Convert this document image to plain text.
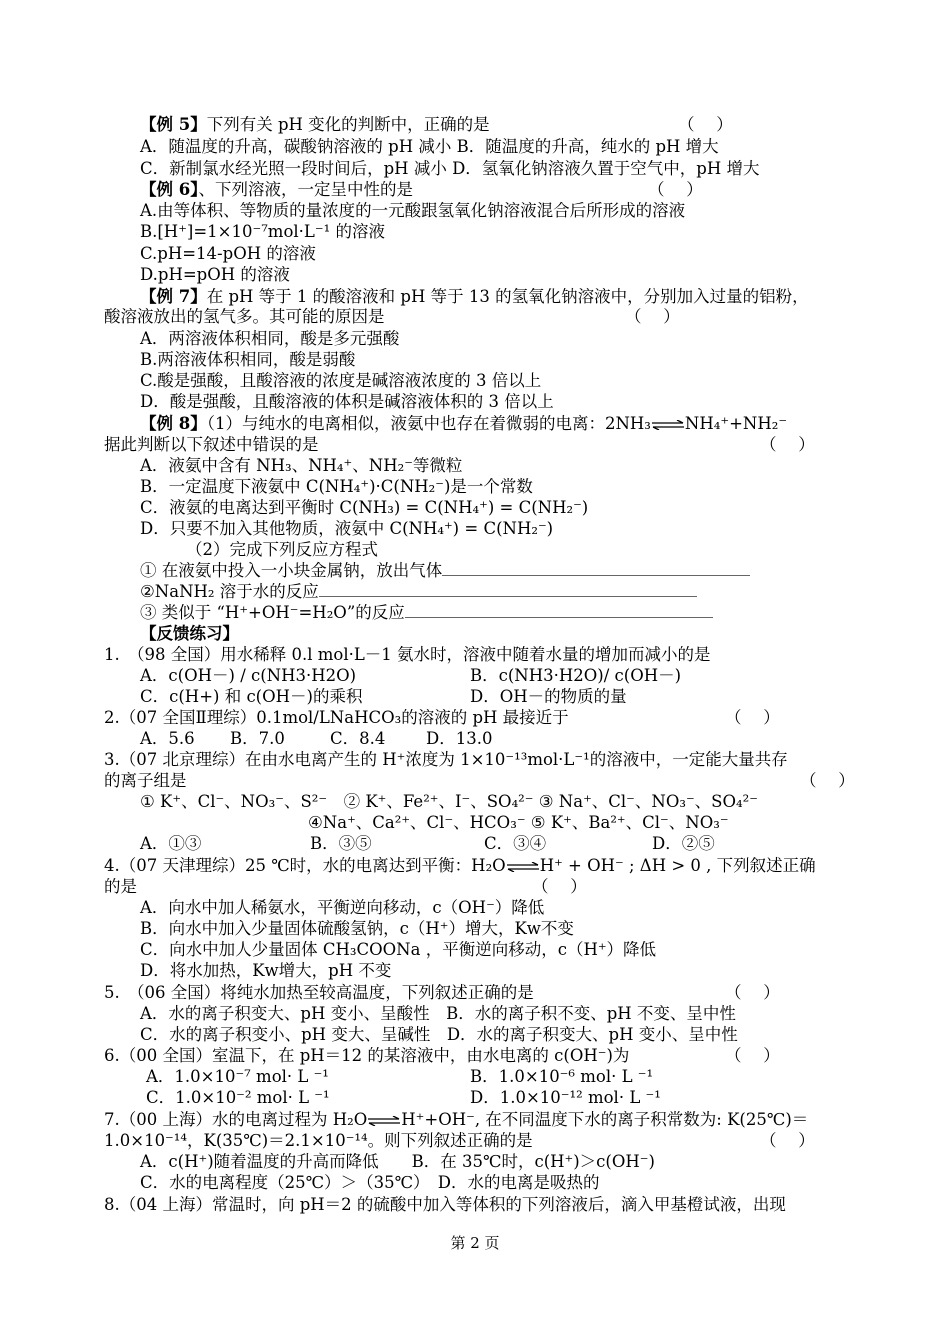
【例 5】下列有关 pH 变化的判断中，正确的是	（　 ）
A．随温度的升高，碳酸钠溶液的 pH 减小 B．随温度的升高，纯水的 pH 增大
C．新制氯水经光照一段时间后，pH 减小 D．氢氧化钠溶液久置于空气中，pH 增大
【例 6】、下列溶液，一定呈中性的是	（　 ）
A.由等体积、等物质的量浓度的一元酸跟氢氧化钠溶液混合后所形成的溶液
B.[H⁺]=1×10⁻⁷mol·L⁻¹ 的溶液
C.pH=14-pOH 的溶液
D.pH=pOH 的溶液
【例 7】在 pH 等于 1 的酸溶液和 pH 等于 13 的氢氧化钠溶液中，分别加入过量的铝粉，
酸溶液放出的氢气多。其可能的原因是	（　 ）
A．两溶液体积相同，酸是多元强酸
B.两溶液体积相同，酸是弱酸
C.酸是强酸，且酸溶液的浓度是碱溶液浓度的 3 倍以上
D．酸是强酸，且酸溶液的体积是碱溶液体积的 3 倍以上
【例 8】（1）与纯水的电离相似，液氨中也存在着微弱的电离：2NH₃⇌NH₄⁺+NH₂⁻
据此判断以下叙述中错误的是	（　 ）
A．液氨中含有 NH₃、NH₄⁺、NH₂⁻等微粒
B．一定温度下液氨中 C(NH₄⁺)·C(NH₂⁻)是一个常数
C．液氨的电离达到平衡时 C(NH₃) = C(NH₄⁺) = C(NH₂⁻)
D．只要不加入其他物质，液氨中 C(NH₄⁺) = C(NH₂⁻)
（2）完成下列反应方程式
① 在液氨中投入一小块金属钠，放出气体
②NaNH₂ 溶于水的反应
③ 类似于 “H⁺+OH⁻=H₂O”的反应
【反馈练习】
1.　（98 全国）用水稀释 0.l mol·L－1 氨水时，溶液中随着水量的增加而减小的是
A．c(OH－) / c(NH3·H2O)	B．c(NH3·H2O)/ c(OH－)
C．c(H+) 和 c(OH－)的乘积	D．OH－的物质的量
2.（07 全国Ⅱ理综）0.1mol/LNaHCO₃的溶液的 pH 最接近于	（　 ）
A．5.6 B．7.0	C．8.4 D．13.0
3.（07 北京理综）在由水电离产生的 H⁺浓度为 1×10⁻¹³mol·L⁻¹的溶液中，一定能大量共存
的离子组是	（　 ）
① K⁺、Cl⁻、NO₃⁻、S²⁻　② K⁺、Fe²⁺、I⁻、SO₄²⁻ ③ Na⁺、Cl⁻、NO₃⁻、SO₄²⁻
④Na⁺、Ca²⁺、Cl⁻、HCO₃⁻ ⑤ K⁺、Ba²⁺、Cl⁻、NO₃⁻
A．①③	B．③⑤	C．③④	D．②⑤
4.（07 天津理综）25 ℃时，水的电离达到平衡：H₂O⇌H⁺ + OH⁻ ; ΔH > 0 , 下列叙述正确
的是	（　 ）
A．向水中加人稀氨水，平衡逆向移动，c（OH⁻）降低
B．向水中加入少量固体硫酸氢钠，c（H⁺）增大，Kw不变
C．向水中加人少量固体 CH₃COONa ，平衡逆向移动，c（H⁺）降低
D．将水加热，Kw增大，pH 不变
5.　（06 全国）将纯水加热至较高温度，下列叙述正确的是	（　 ）
A．水的离子积变大、pH 变小、呈酸性　B．水的离子积不变、pH 不变、呈中性
C．水的离子积变小、pH 变大、呈碱性　D．水的离子积变大、pH 变小、呈中性
6.（00 全国）室温下，在 pH＝12 的某溶液中，由水电离的 c(OH⁻)为	（　 ）
A．1.0×10⁻⁷ mol· L ⁻¹	B．1.0×10⁻⁶ mol· L ⁻¹
C．1.0×10⁻² mol· L ⁻¹	D．1.0×10⁻¹² mol· L ⁻¹
7.（00 上海）水的电离过程为 H₂O⇌H⁺+OH⁻, 在不同温度下水的离子积常数为: K(25℃)＝
1.0×10⁻¹⁴，K(35℃)＝2.1×10⁻¹⁴。则下列叙述正确的是	（　 ）
A．c(H⁺)随着温度的升高而降低　　B．在 35℃时，c(H⁺)＞c(OH⁻)
C．水的电离程度（25℃）＞（35℃）　D．水的电离是吸热的
8.（04 上海）常温时，向 pH＝2 的硫酸中加入等体积的下列溶液后，滴入甲基橙试液，出现
第 2 页
